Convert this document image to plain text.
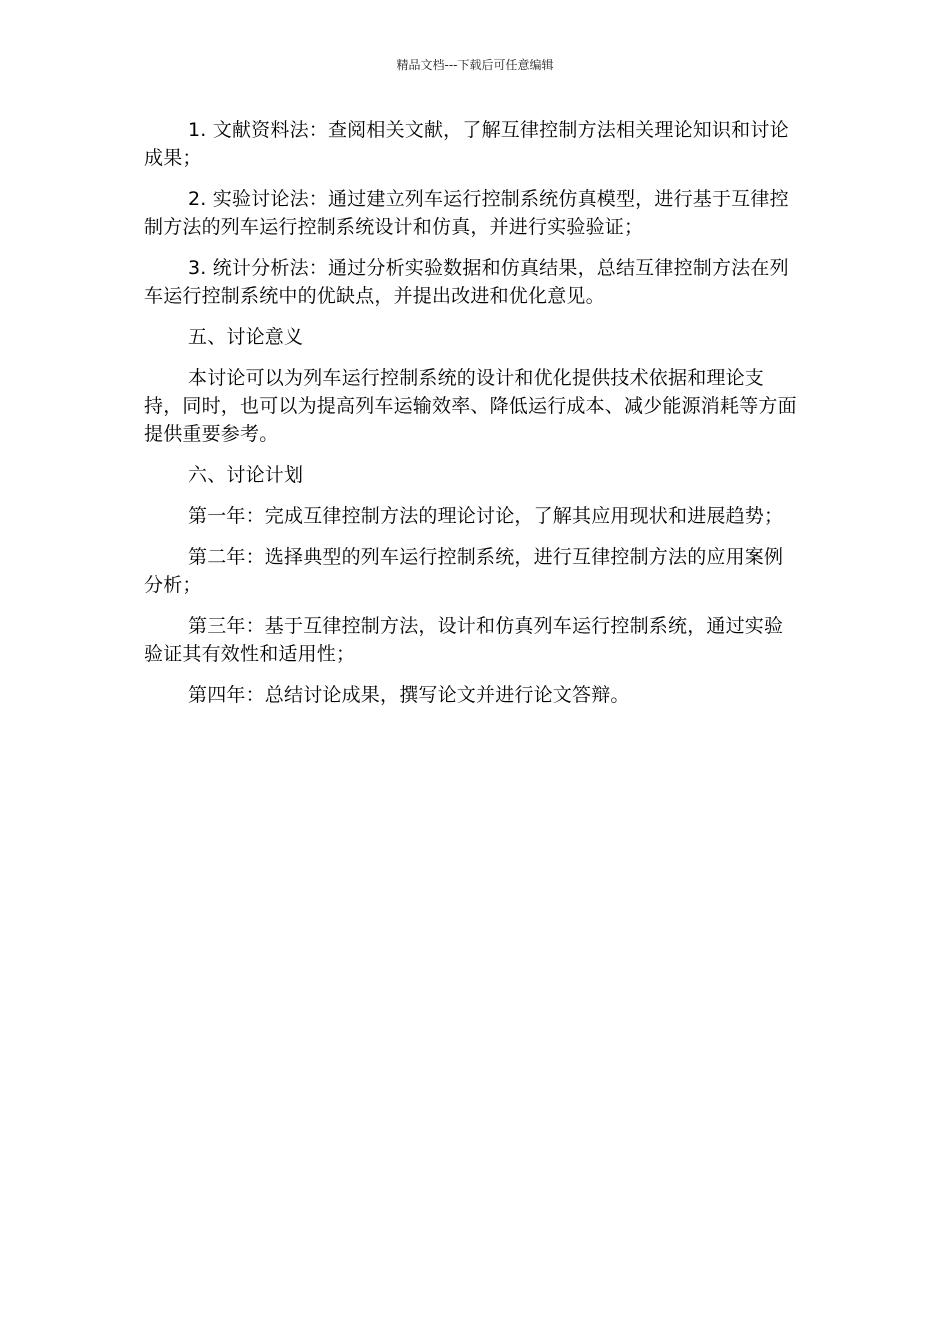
精品文档---下载后可任意编辑

1. 文献资料法：查阅相关文献，了解互律控制方法相关理论知识和讨论成果；

2. 实验讨论法：通过建立列车运行控制系统仿真模型，进行基于互律控制方法的列车运行控制系统设计和仿真，并进行实验验证；

3. 统计分析法：通过分析实验数据和仿真结果，总结互律控制方法在列车运行控制系统中的优缺点，并提出改进和优化意见。

五、讨论意义

本讨论可以为列车运行控制系统的设计和优化提供技术依据和理论支持，同时，也可以为提高列车运输效率、降低运行成本、减少能源消耗等方面提供重要参考。

六、讨论计划

第一年：完成互律控制方法的理论讨论，了解其应用现状和进展趋势；

第二年：选择典型的列车运行控制系统，进行互律控制方法的应用案例分析；

第三年：基于互律控制方法，设计和仿真列车运行控制系统，通过实验验证其有效性和适用性；

第四年：总结讨论成果，撰写论文并进行论文答辩。
